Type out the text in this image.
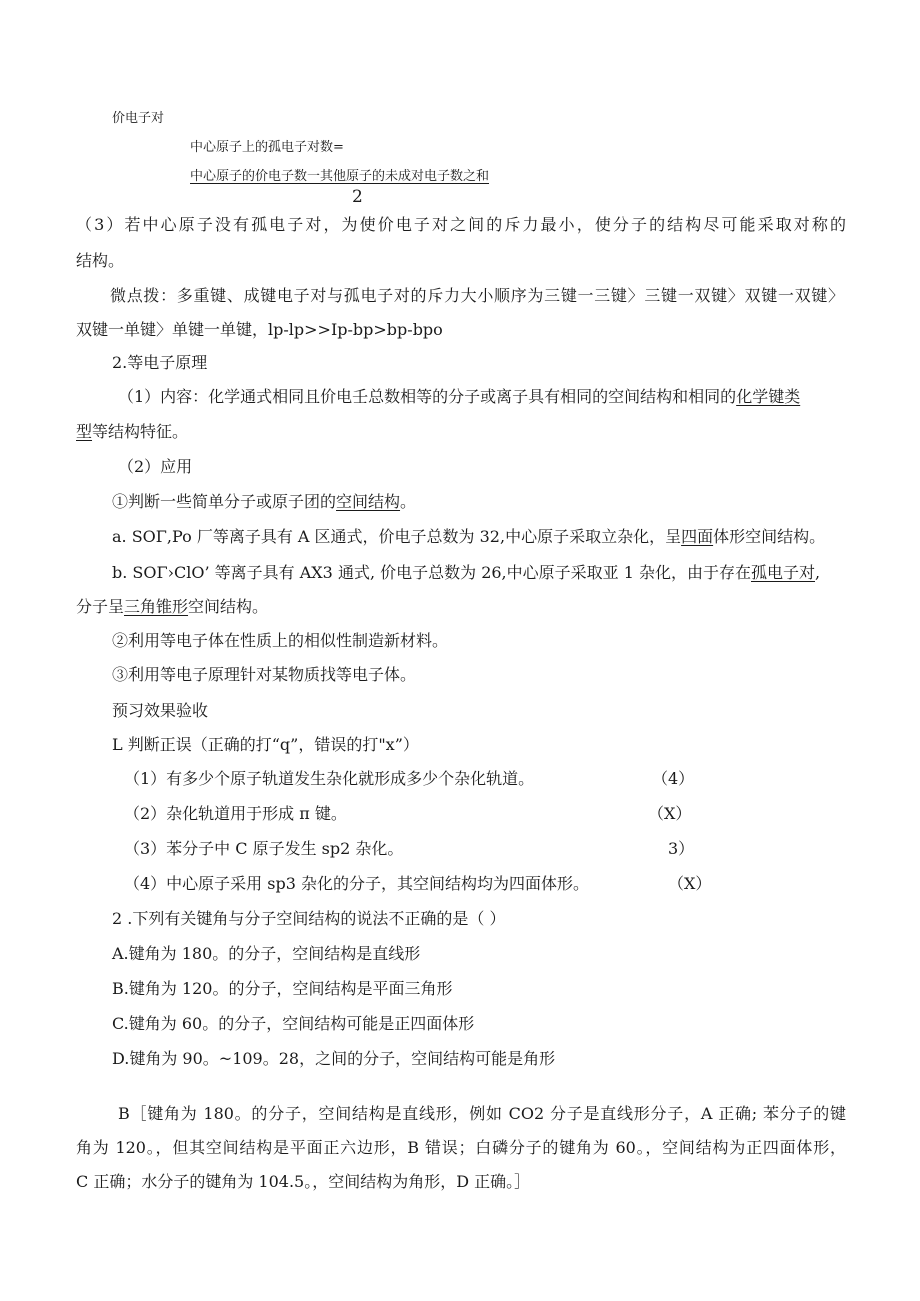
价电子对
中心原子上的孤电子对数=
中心原子的价电子数一其他原子的未成对电子数之和
2
（3）若中心原子没有孤电子对，为使价电子对之间的斥力最小，使分子的结构尽可能采取对称的
结构。
微点拨：多重键、成键电子对与孤电子对的斥力大小顺序为三键一三键〉三键一双键〉双键一双键〉
双键一单键〉单键一单键，lp-lp>>Ip-bp>bp-bpo
2.等电子原理
（1）内容：化学通式相同且价电壬总数相等的分子或离子具有相同的空间结构和相同的化学键类
型等结构特征。
（2）应用
①判断一些简单分子或原子团的空间结构。
a. SOΓ,Po 厂等离子具有 A 区通式，价电子总数为 32,中心原子采取立杂化，呈四面体形空间结构。
b. SOΓ›ClO’ 等离子具有 AX3 通式, 价电子总数为 26,中心原子采取亚 1 杂化，由于存在孤电子对,
分子呈三角锥形空间结构。
②利用等电子体在性质上的相似性制造新材料。
③利用等电子原理针对某物质找等电子体。
预习效果验收
L 判断正误（正确的打“q”，错误的打"x”）
（1）有多少个原子轨道发生杂化就形成多少个杂化轨道。	（4）
（2）杂化轨道用于形成 π 键。	（X）
（3）苯分子中 C 原子发生 sp2 杂化。	3）
（4）中心原子采用 sp3 杂化的分子，其空间结构均为四面体形。	（X）
2 .下列有关键角与分子空间结构的说法不正确的是（ ）
A.键角为 180。的分子，空间结构是直线形
B.键角为 120。的分子，空间结构是平面三角形
C.键角为 60。的分子，空间结构可能是正四面体形
D.键角为 90。~109。28，之间的分子，空间结构可能是角形
B［键角为 180。的分子，空间结构是直线形，例如 CO2 分子是直线形分子，A 正确; 苯分子的键
角为 120。，但其空间结构是平面正六边形，B 错误；白磷分子的键角为 60。，空间结构为正四面体形，
C 正确；水分子的键角为 104.5。，空间结构为角形，D 正确。］
